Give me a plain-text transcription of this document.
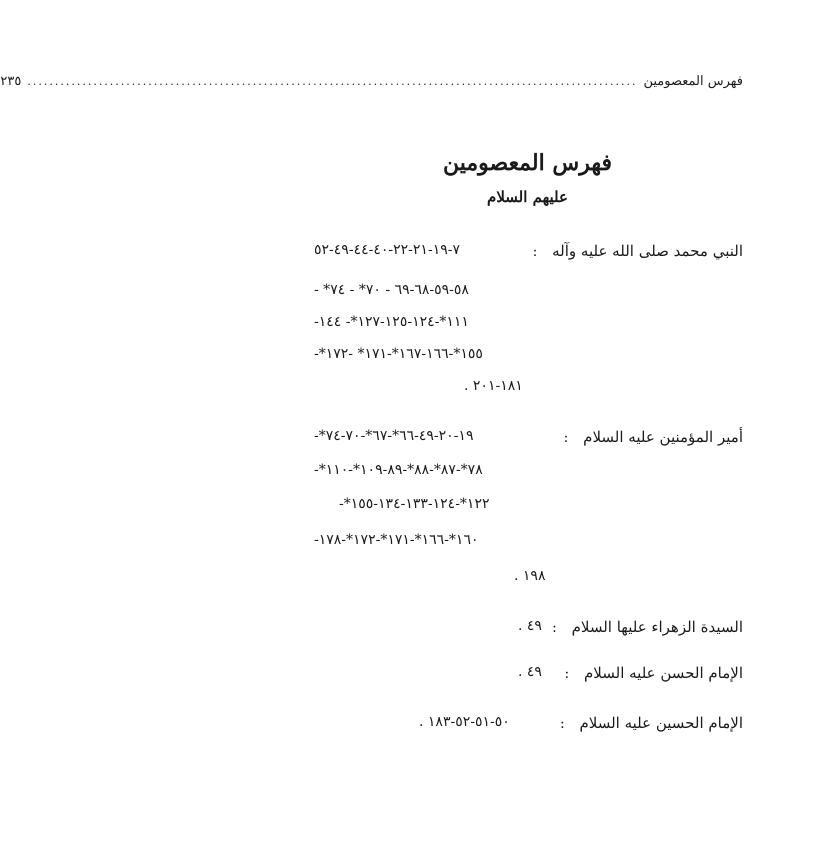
فهرس المعصومين
...............................................................................................................
٢٣٥
فهرس المعصومين
عليهم السلام
النبي محمد صلى الله عليه وآله :
٧-١٩-٢١-٢٢-٤٠-٤٤-٤٩-٥٢
٥٨-٥٩-٦٨-٦٩ - ٧٠* - ٧٤* -
١١١*-١٢٤-١٢٥-١٢٧*- ١٤٤-
١٥٥*-١٦٦-١٦٧*-١٧١* -١٧٢*-
١٨١-٢٠١ .
أمير المؤمنين عليه السلام :
١٩-٢٠-٤٩-٦٦*-٦٧*-٧٠-٧٤*-
٧٨*-٨٧*-٨٨*-٨٩-١٠٩*-١١٠*-
١٢٢*-١٢٤-١٣٣-١٣٤-١٥٥*-
١٦٠*-١٦٦*-١٧١*-١٧٢*-١٧٨-
١٩٨ .
السيدة الزهراء عليها السلام :
٤٩ .
الإمام الحسن عليه السلام :
٤٩ .
الإمام الحسين عليه السلام :
٥٠-٥١-٥٢-١٨٣ .
